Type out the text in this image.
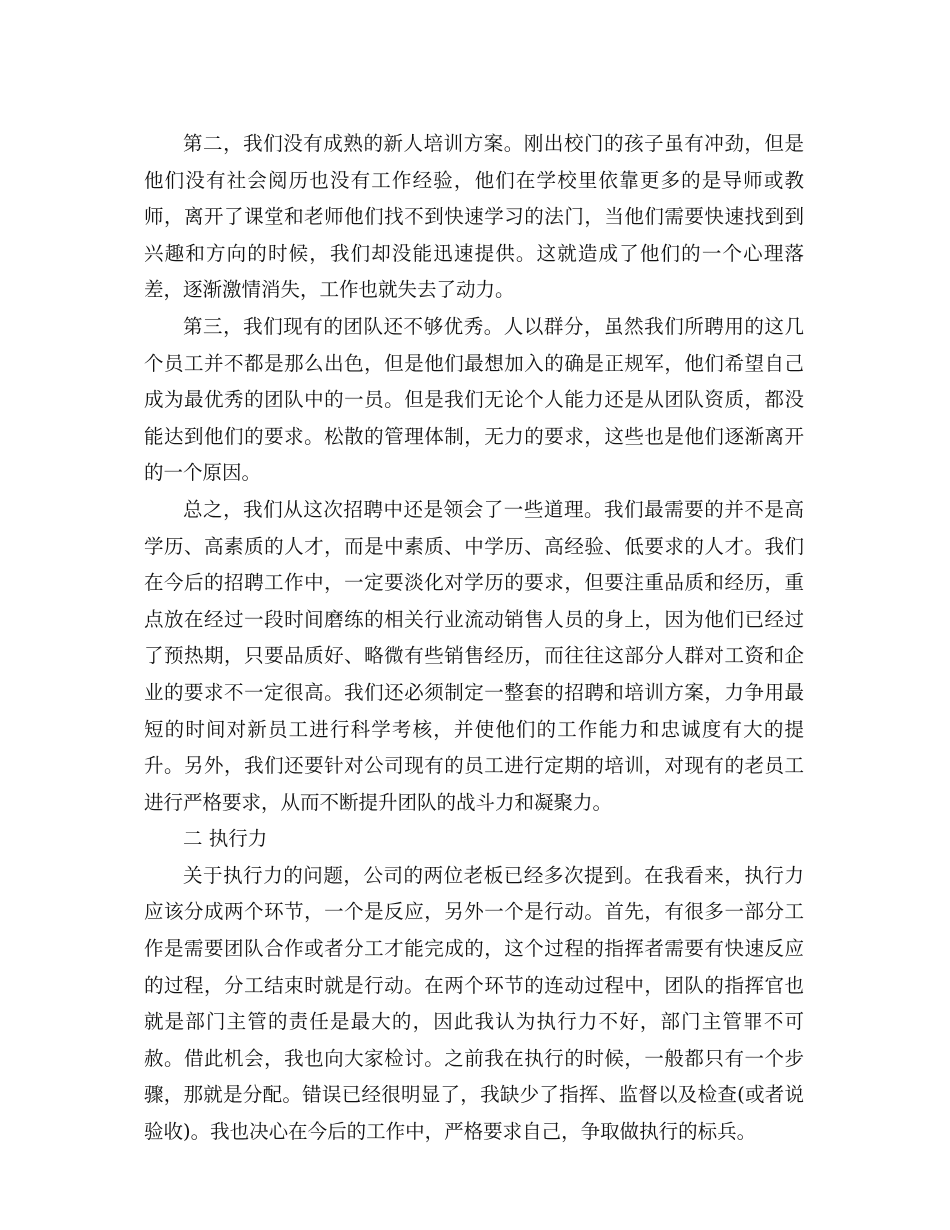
第二，我们没有成熟的新人培训方案。刚出校门的孩子虽有冲劲，但是他们没有社会阅历也没有工作经验，他们在学校里依靠更多的是导师或教师，离开了课堂和老师他们找不到快速学习的法门，当他们需要快速找到到兴趣和方向的时候，我们却没能迅速提供。这就造成了他们的一个心理落差，逐渐激情消失，工作也就失去了动力。

第三，我们现有的团队还不够优秀。人以群分，虽然我们所聘用的这几个员工并不都是那么出色，但是他们最想加入的确是正规军，他们希望自己成为最优秀的团队中的一员。但是我们无论个人能力还是从团队资质，都没能达到他们的要求。松散的管理体制，无力的要求，这些也是他们逐渐离开的一个原因。

总之，我们从这次招聘中还是领会了一些道理。我们最需要的并不是高学历、高素质的人才，而是中素质、中学历、高经验、低要求的人才。我们在今后的招聘工作中，一定要淡化对学历的要求，但要注重品质和经历，重点放在经过一段时间磨练的相关行业流动销售人员的身上，因为他们已经过了预热期，只要品质好、略微有些销售经历，而往往这部分人群对工资和企业的要求不一定很高。我们还必须制定一整套的招聘和培训方案，力争用最短的时间对新员工进行科学考核，并使他们的工作能力和忠诚度有大的提升。另外，我们还要针对公司现有的员工进行定期的培训，对现有的老员工进行严格要求，从而不断提升团队的战斗力和凝聚力。

二 执行力

关于执行力的问题，公司的两位老板已经多次提到。在我看来，执行力应该分成两个环节，一个是反应，另外一个是行动。首先，有很多一部分工作是需要团队合作或者分工才能完成的，这个过程的指挥者需要有快速反应的过程，分工结束时就是行动。在两个环节的连动过程中，团队的指挥官也就是部门主管的责任是最大的，因此我认为执行力不好，部门主管罪不可赦。借此机会，我也向大家检讨。之前我在执行的时候，一般都只有一个步骤，那就是分配。错误已经很明显了，我缺少了指挥、监督以及检查(或者说验收)。我也决心在今后的工作中，严格要求自己，争取做执行的标兵。
